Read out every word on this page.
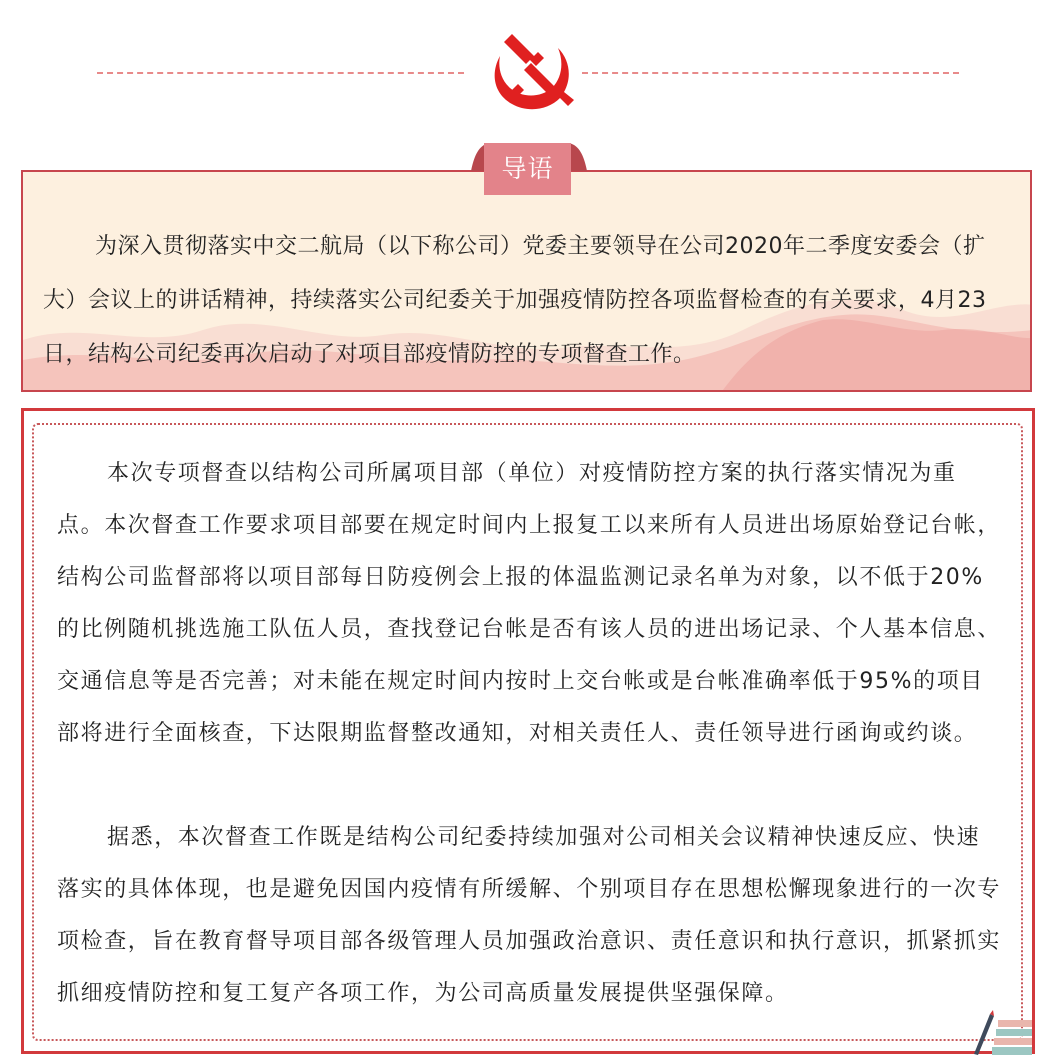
为深入贯彻落实中交二航局（以下称公司）党委主要领导在公司2020年二季度安委会（扩大）会议上的讲话精神，持续落实公司纪委关于加强疫情防控各项监督检查的有关要求，4月23日，结构公司纪委再次启动了对项目部疫情防控的专项督查工作。

导语

本次专项督查以结构公司所属项目部（单位）对疫情防控方案的执行落实情况为重点。本次督查工作要求项目部要在规定时间内上报复工以来所有人员进出场原始登记台帐，结构公司监督部将以项目部每日防疫例会上报的体温监测记录名单为对象，以不低于20%的比例随机挑选施工队伍人员，查找登记台帐是否有该人员的进出场记录、个人基本信息、交通信息等是否完善；对未能在规定时间内按时上交台帐或是台帐准确率低于95%的项目部将进行全面核查，下达限期监督整改通知，对相关责任人、责任领导进行函询或约谈。

据悉，本次督查工作既是结构公司纪委持续加强对公司相关会议精神快速反应、快速落实的具体体现，也是避免因国内疫情有所缓解、个别项目存在思想松懈现象进行的一次专项检查，旨在教育督导项目部各级管理人员加强政治意识、责任意识和执行意识，抓紧抓实抓细疫情防控和复工复产各项工作，为公司高质量发展提供坚强保障。
